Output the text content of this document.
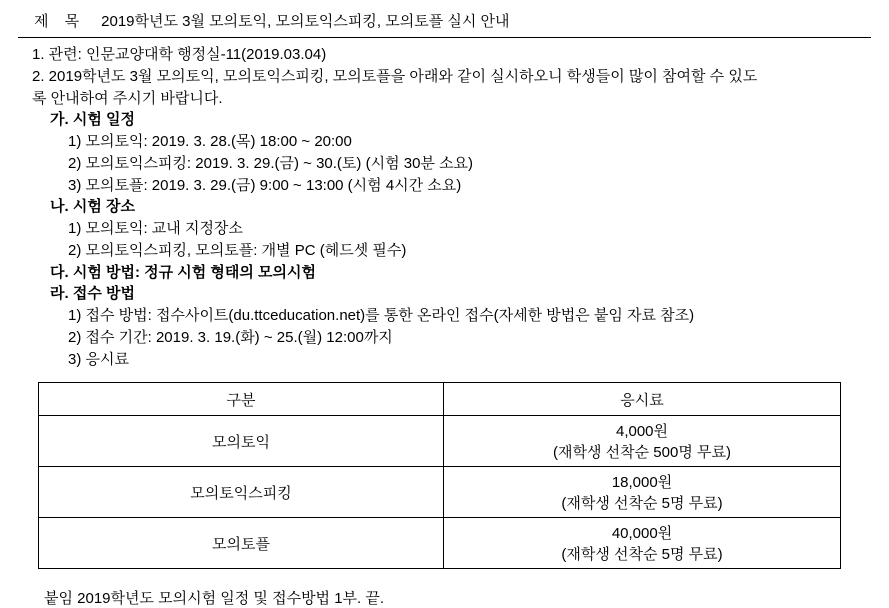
제 목 2019학년도 3월 모의토익, 모의토익스피킹, 모의토플 실시 안내
1. 관련: 인문교양대학 행정실-11(2019.03.04)
2. 2019학년도 3월 모의토익, 모의토익스피킹, 모의토플을 아래와 같이 실시하오니 학생들이 많이 참여할 수 있도
록 안내하여 주시기 바랍니다.
가. 시험 일정
1) 모의토익: 2019. 3. 28.(목) 18:00 ~ 20:00
2) 모의토익스피킹: 2019. 3. 29.(금) ~ 30.(토) (시험 30분 소요)
3) 모의토플: 2019. 3. 29.(금) 9:00 ~ 13:00 (시험 4시간 소요)
나. 시험 장소
1) 모의토익: 교내 지정장소
2) 모의토익스피킹, 모의토플: 개별 PC (헤드셋 필수)
다. 시험 방법: 정규 시험 형태의 모의시험
라. 접수 방법
1) 접수 방법: 접수사이트(du.ttceducation.net)를 통한 온라인 접수(자세한 방법은 붙임 자료 참조)
2) 접수 기간: 2019. 3. 19.(화) ~ 25.(월) 12:00까지
3) 응시료
구분	응시료
모의토익	4,000원
(재학생 선착순 500명 무료)

모의토익스피킹	18,000원
(재학생 선착순 5명 무료)

모의토플	40,000원
(재학생 선착순 5명 무료)
붙임 2019학년도 모의시험 일정 및 접수방법 1부. 끝.
